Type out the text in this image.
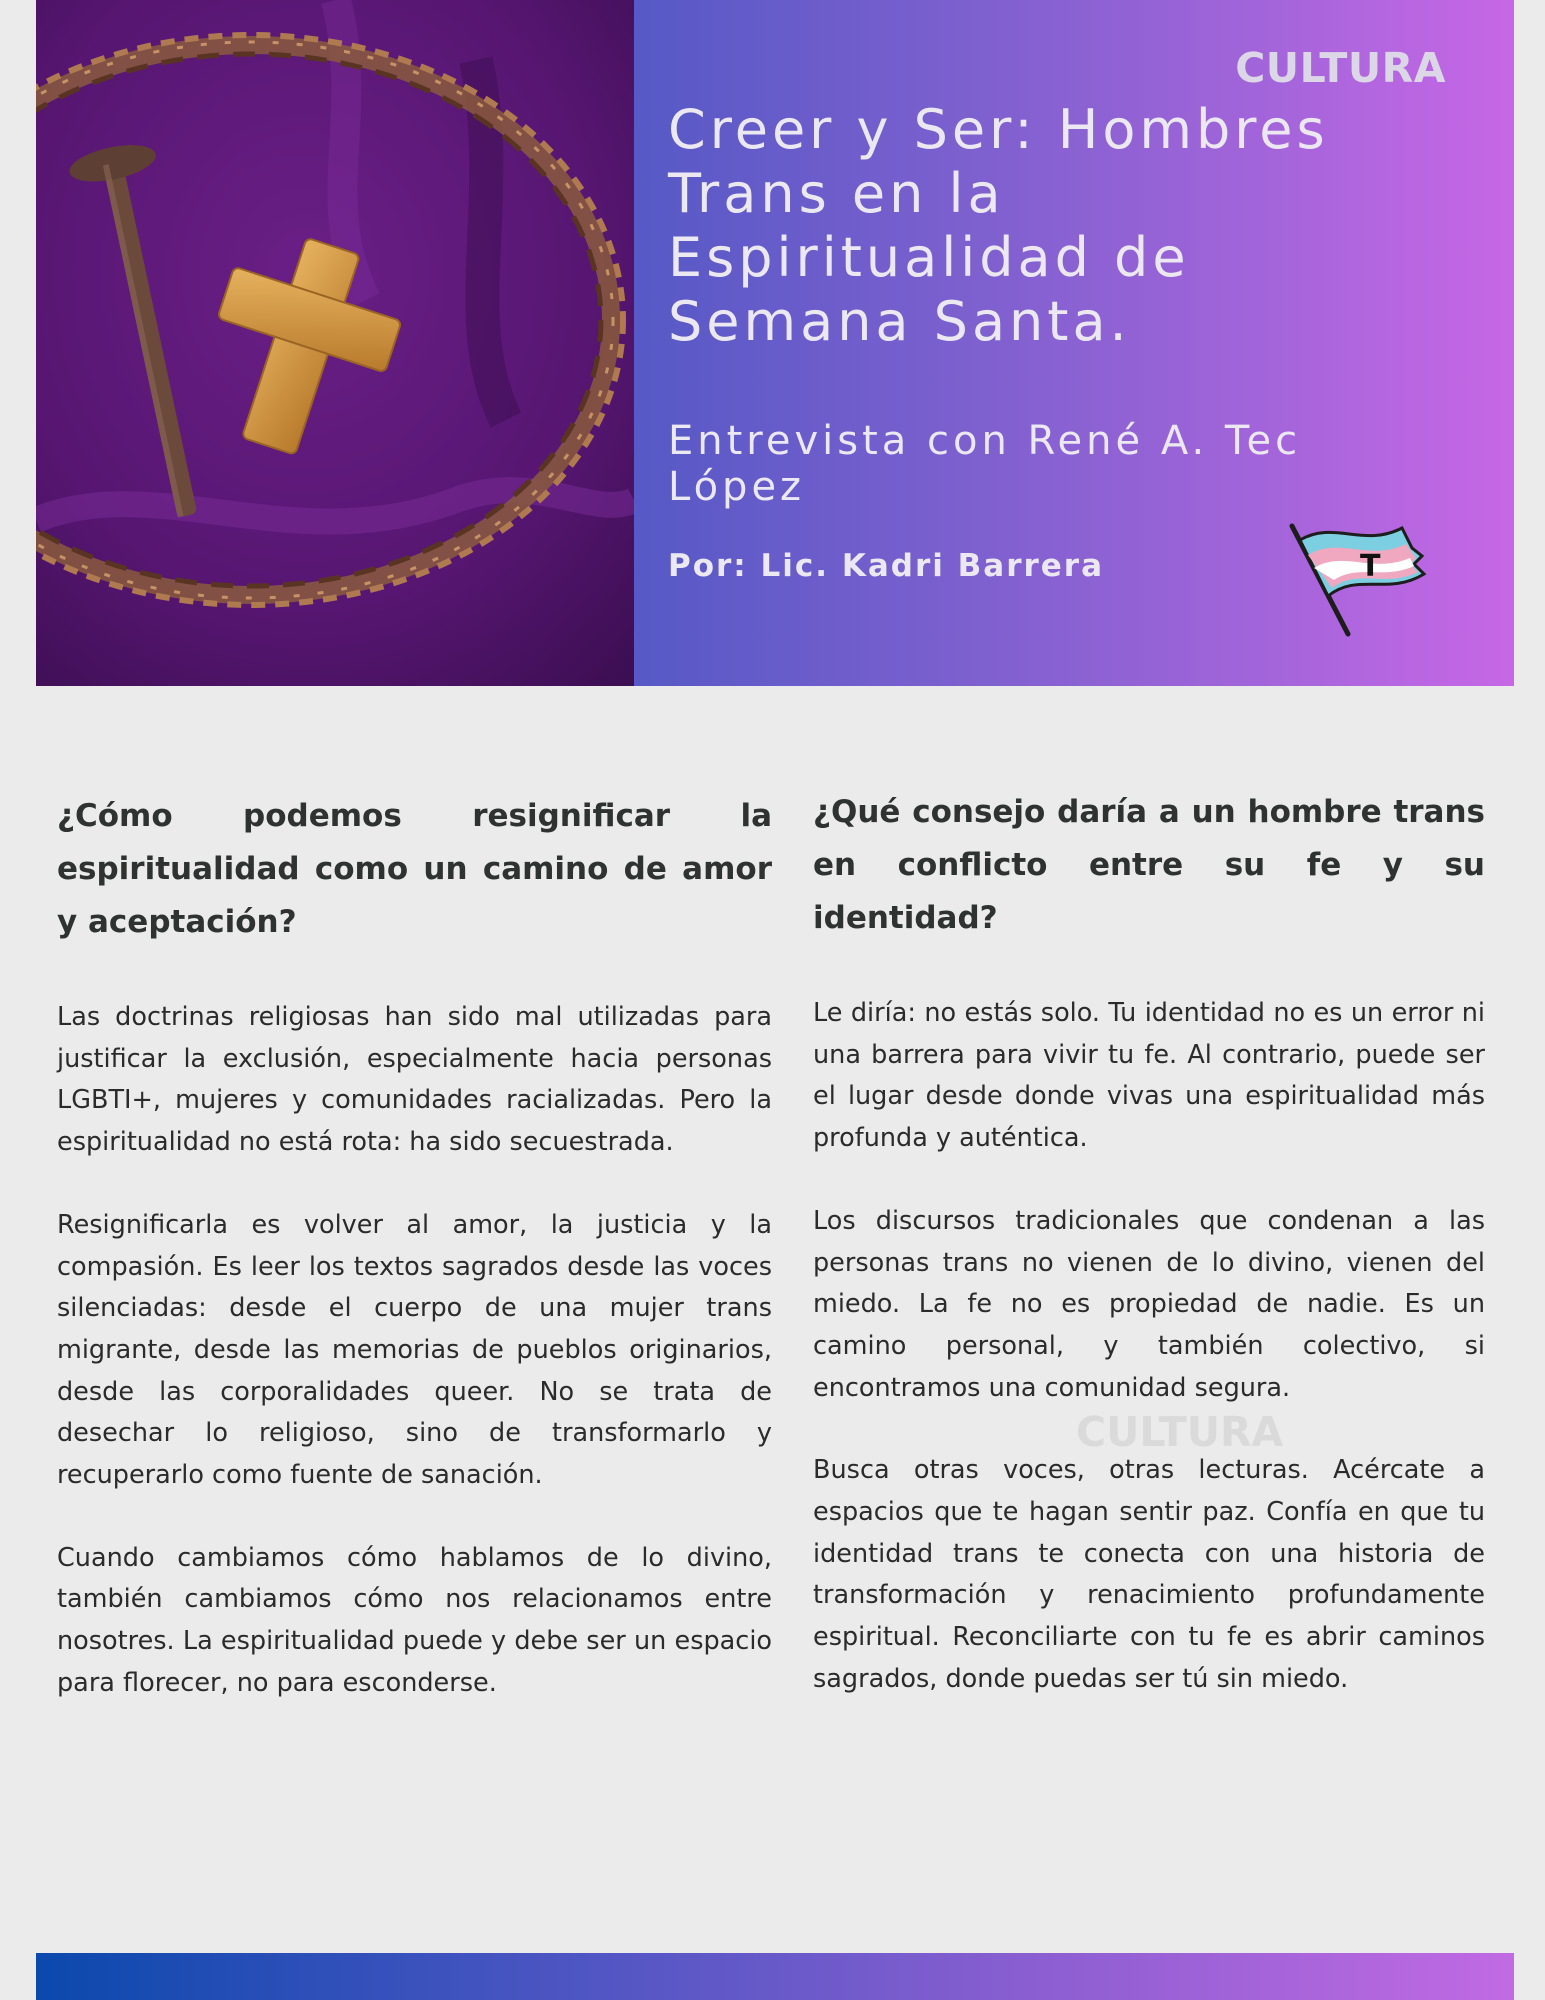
CULTURA
Creer y Ser: Hombres Trans en la Espiritualidad de Semana Santa.
Entrevista con René A. Tec López
Por: Lic. Kadri Barrera	T
¿Cómo podemos resignificar la espiritualidad como un camino de amor y aceptación?

Las doctrinas religiosas han sido mal utilizadas para justificar la exclusión, especialmente hacia personas LGBTI+, mujeres y comunidades racializadas. Pero la espiritualidad no está rota: ha sido secuestrada.

Resignificarla es volver al amor, la justicia y la compasión. Es leer los textos sagrados desde las voces silenciadas: desde el cuerpo de una mujer trans migrante, desde las memorias de pueblos originarios, desde las corporalidades queer. No se trata de desechar lo religioso, sino de transformarlo y recuperarlo como fuente de sanación.

Cuando cambiamos cómo hablamos de lo divino, también cambiamos cómo nos relacionamos entre nosotres. La espiritualidad puede y debe ser un espacio para florecer, no para esconderse.

¿Qué consejo daría a un hombre trans en conflicto entre su fe y su identidad?

Le diría: no estás solo. Tu identidad no es un error ni una barrera para vivir tu fe. Al contrario, puede ser el lugar desde donde vivas una espiritualidad más profunda y auténtica.

Los discursos tradicionales que condenan a las personas trans no vienen de lo divino, vienen del miedo. La fe no es propiedad de nadie. Es un camino personal, y también colectivo, si encontramos una comunidad segura.

Busca otras voces, otras lecturas. Acércate a espacios que te hagan sentir paz. Confía en que tu identidad trans te conecta con una historia de transformación y renacimiento profundamente espiritual. Reconciliarte con tu fe es abrir caminos sagrados, donde puedas ser tú sin miedo.

CULTURA
